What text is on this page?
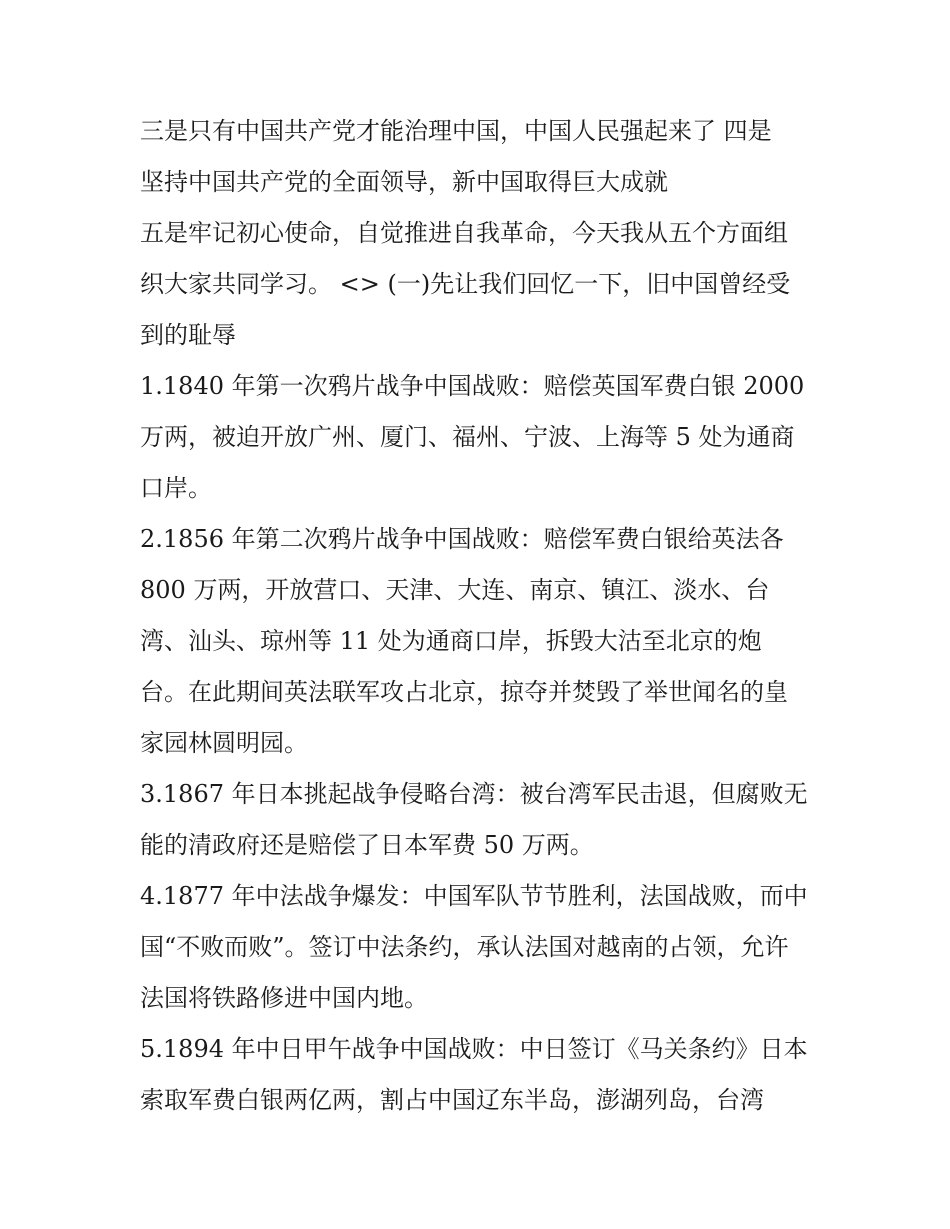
三是只有中国共产党才能治理中国，中国人民强起来了 四是
坚持中国共产党的全面领导，新中国取得巨大成就
五是牢记初心使命，自觉推进自我革命，今天我从五个方面组
织大家共同学习。 <> (一)先让我们回忆一下，旧中国曾经受
到的耻辱
1.1840 年第一次鸦片战争中国战败：赔偿英国军费白银 2000
万两，被迫开放广州、厦门、福州、宁波、上海等 5 处为通商
口岸。
2.1856 年第二次鸦片战争中国战败：赔偿军费白银给英法各
800 万两，开放营口、天津、大连、南京、镇江、淡水、台
湾、汕头、琼州等 11 处为通商口岸，拆毁大沽至北京的炮
台。在此期间英法联军攻占北京，掠夺并焚毁了举世闻名的皇
家园林圆明园。
3.1867 年日本挑起战争侵略台湾：被台湾军民击退，但腐败无
能的清政府还是赔偿了日本军费 50 万两。
4.1877 年中法战争爆发：中国军队节节胜利，法国战败，而中
国“不败而败”。签订中法条约，承认法国对越南的占领，允许
法国将铁路修进中国内地。
5.1894 年中日甲午战争中国战败：中日签订《马关条约》日本
索取军费白银两亿两，割占中国辽东半岛，澎湖列岛，台湾
